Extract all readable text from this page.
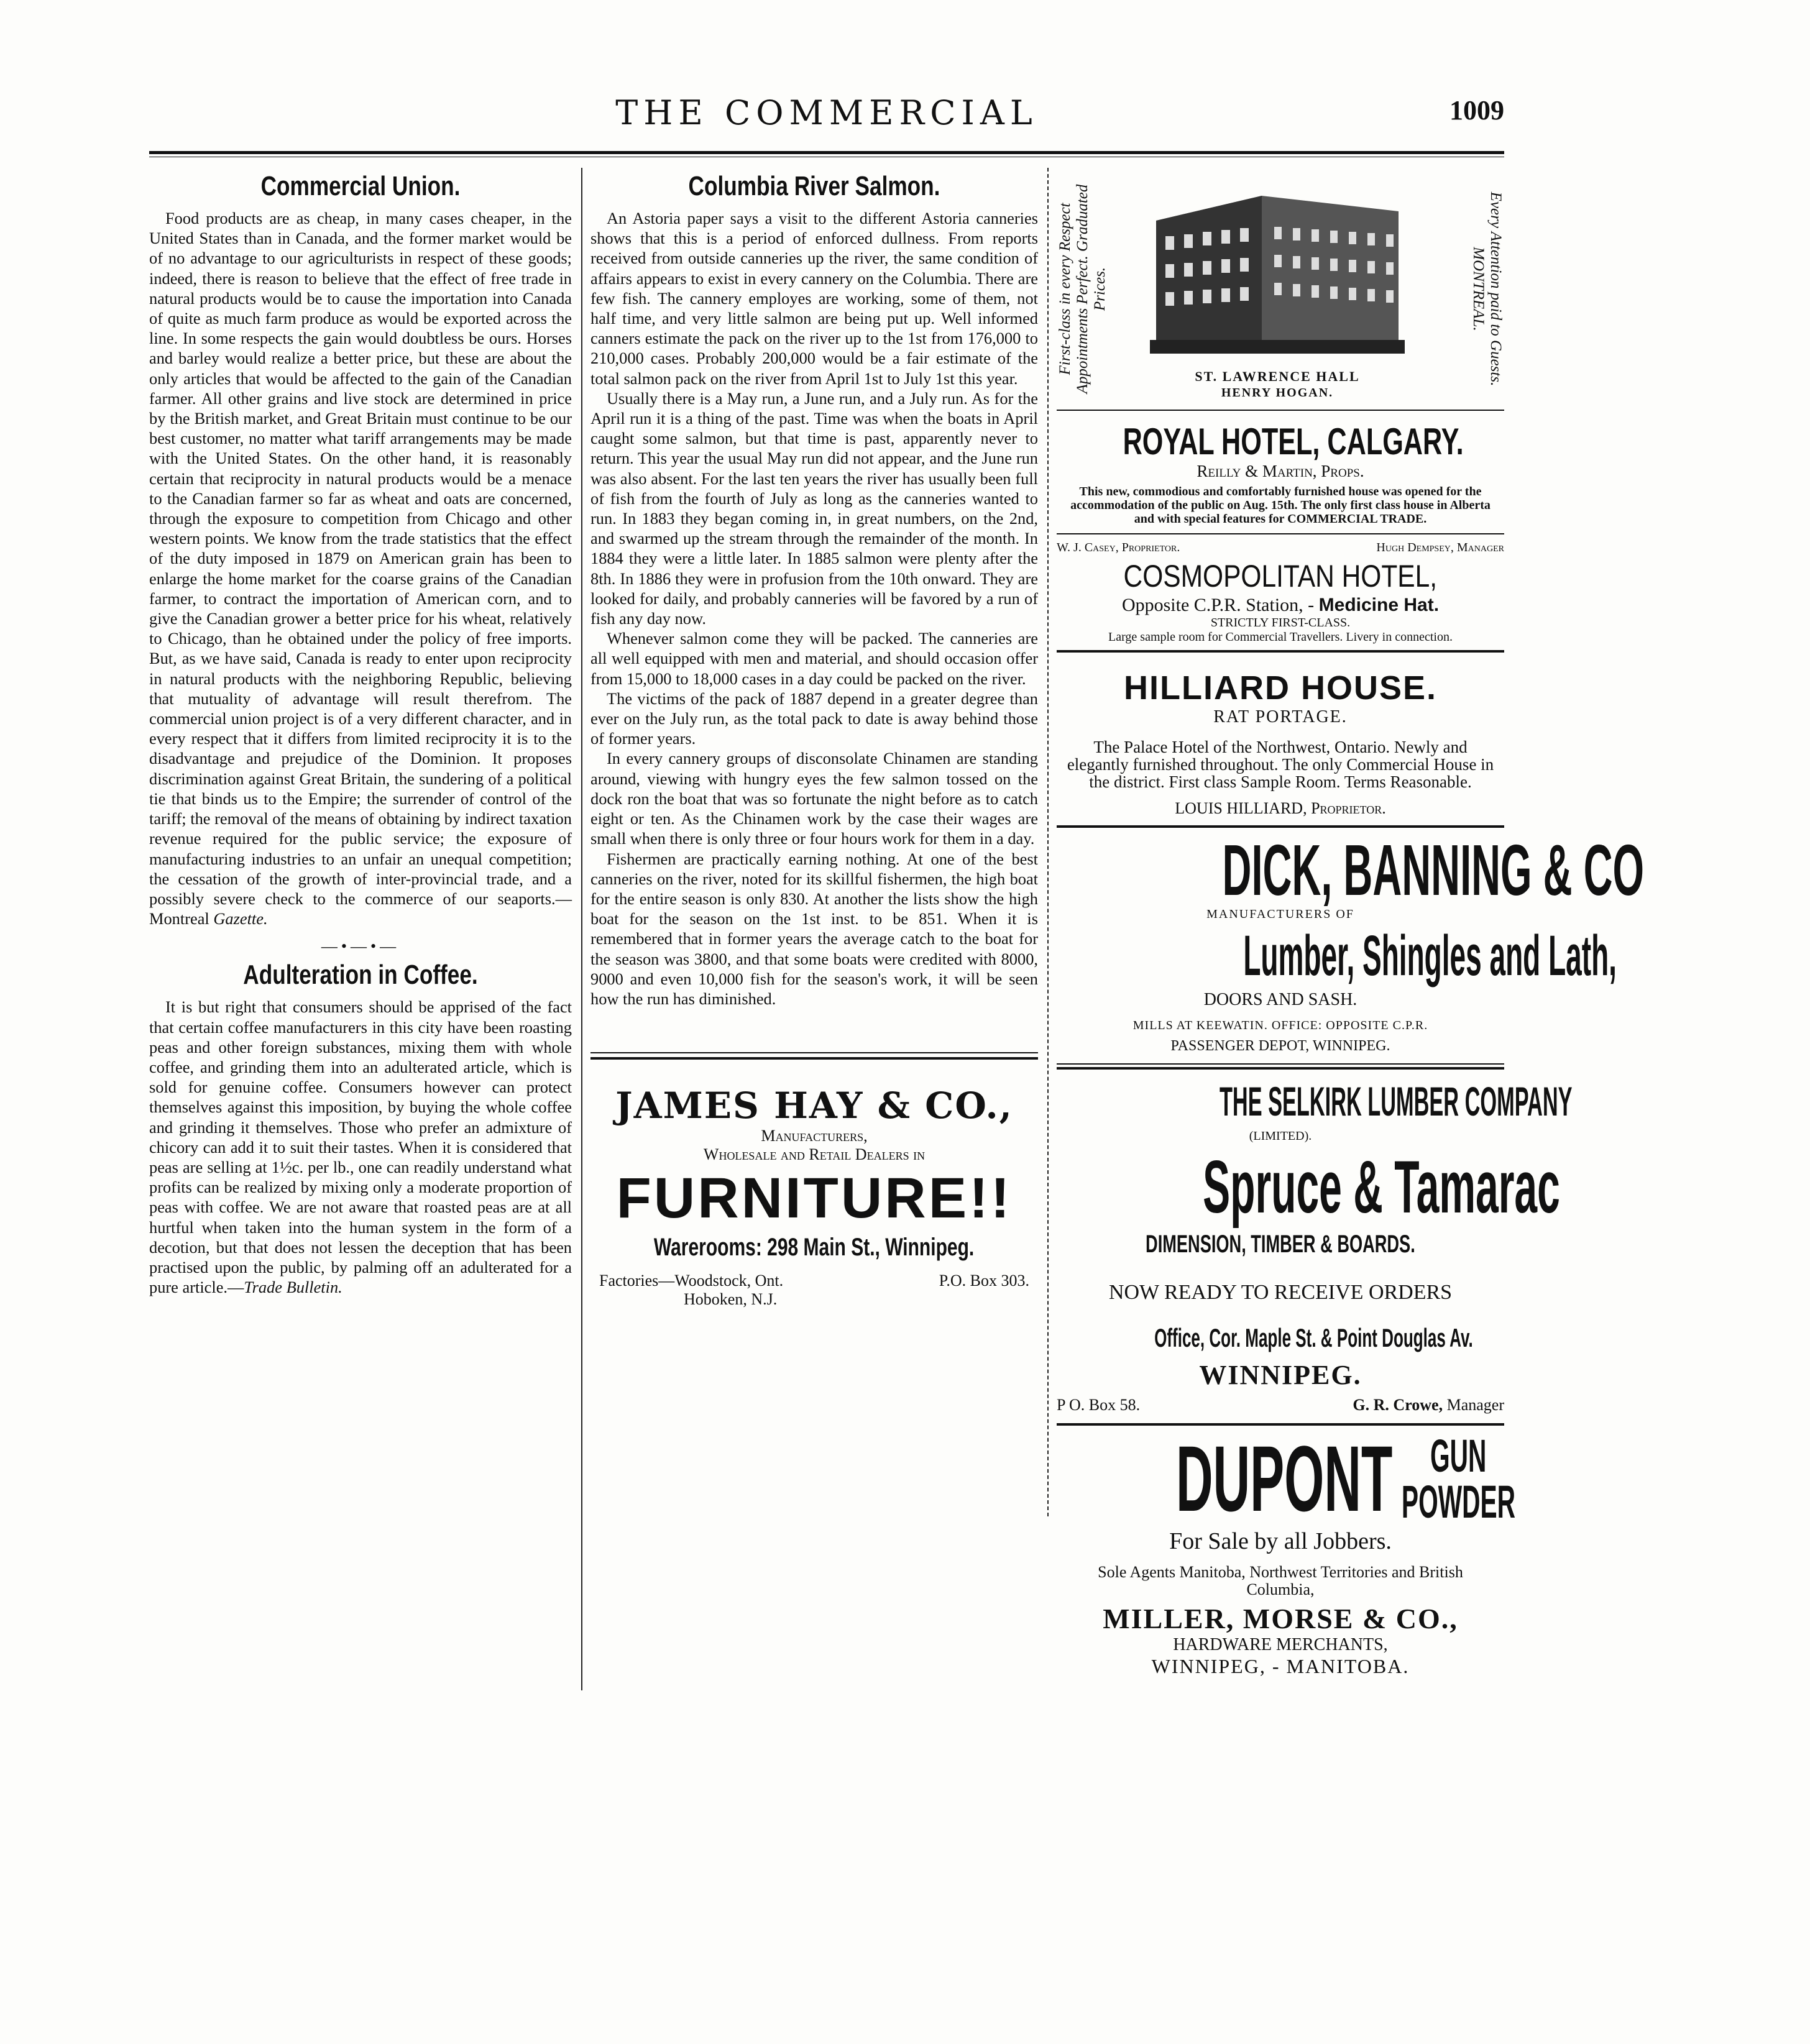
THE COMMERCIAL	1009
Commercial Union.

Food products are as cheap, in many cases cheaper, in the United States than in Canada, and the former market would be of no advantage to our agriculturists in respect of these goods; indeed, there is reason to believe that the effect of free trade in natural products would be to cause the importation into Canada of quite as much farm produce as would be exported across the line. In some respects the gain would doubtless be ours. Horses and barley would realize a better price, but these are about the only articles that would be affected to the gain of the Canadian farmer. All other grains and live stock are determined in price by the British market, and Great Britain must continue to be our best customer, no matter what tariff arrangements may be made with the United States. On the other hand, it is reasonably certain that reciprocity in natural products would be a menace to the Canadian farmer so far as wheat and oats are concerned, through the exposure to competition from Chicago and other western points. We know from the trade statistics that the effect of the duty imposed in 1879 on American grain has been to enlarge the home market for the coarse grains of the Canadian farmer, to contract the importation of American corn, and to give the Canadian grower a better price for his wheat, relatively to Chicago, than he obtained under the policy of free imports. But, as we have said, Canada is ready to enter upon reciprocity in natural products with the neighboring Republic, believing that mutuality of advantage will result therefrom. The commercial union project is of a very different character, and in every respect that it differs from limited reciprocity it is to the disadvantage and prejudice of the Dominion. It proposes discrimination against Great Britain, the sundering of a political tie that binds us to the Empire; the surrender of control of the tariff; the removal of the means of obtaining by indirect taxation revenue required for the public service; the exposure of manufacturing industries to an unfair an unequal competition; the cessation of the growth of inter-provincial trade, and a possibly severe check to the commerce of our seaports.—Montreal Gazette.

—•—•—
Adulteration in Coffee.

It is but right that consumers should be apprised of the fact that certain coffee manufacturers in this city have been roasting peas and other foreign substances, mixing them with whole coffee, and grinding them into an adulterated article, which is sold for genuine coffee. Consumers however can protect themselves against this imposition, by buying the whole coffee and grinding it themselves. Those who prefer an admixture of chicory can add it to suit their tastes. When it is considered that peas are selling at 1½c. per lb., one can readily understand what profits can be realized by mixing only a moderate proportion of peas with coffee. We are not aware that roasted peas are at all hurtful when taken into the human system in the form of a decotion, but that does not lessen the deception that has been practised upon the public, by palming off an adulterated for a pure article.—Trade Bulletin.

Columbia River Salmon.

An Astoria paper says a visit to the different Astoria canneries shows that this is a period of enforced dullness. From reports received from outside canneries up the river, the same condition of affairs appears to exist in every cannery on the Columbia. There are few fish. The cannery employes are working, some of them, not half time, and very little salmon are being put up. Well informed canners estimate the pack on the river up to the 1st from 176,000 to 210,000 cases. Probably 200,000 would be a fair estimate of the total salmon pack on the river from April 1st to July 1st this year.

Usually there is a May run, a June run, and a July run. As for the April run it is a thing of the past. Time was when the boats in April caught some salmon, but that time is past, apparently never to return. This year the usual May run did not appear, and the June run was also absent. For the last ten years the river has usually been full of fish from the fourth of July as long as the canneries wanted to run. In 1883 they began coming in, in great numbers, on the 2nd, and swarmed up the stream through the remainder of the month. In 1884 they were a little later. In 1885 salmon were plenty after the 8th. In 1886 they were in profusion from the 10th onward. They are looked for daily, and probably canneries will be favored by a run of fish any day now.

Whenever salmon come they will be packed. The canneries are all well equipped with men and material, and should occasion offer from 15,000 to 18,000 cases in a day could be packed on the river.

The victims of the pack of 1887 depend in a greater degree than ever on the July run, as the total pack to date is away behind those of former years.

In every cannery groups of disconsolate Chinamen are standing around, viewing with hungry eyes the few salmon tossed on the dock ron the boat that was so fortunate the night before as to catch eight or ten. As the Chinamen work by the case their wages are small when there is only three or four hours work for them in a day.

Fishermen are practically earning nothing. At one of the best canneries on the river, noted for its skillful fishermen, the high boat for the entire season is only 830. At another the lists show the high boat for the season on the 1st inst. to be 851. When it is remembered that in former years the average catch to the boat for the season was 3800, and that some boats were credited with 8000, 9000 and even 10,000 fish for the season's work, it will be seen how the run has diminished.

JAMES HAY & CO.,
Manufacturers,
Wholesale and Retail Dealers in
FURNITURE!!
Warerooms: 298 Main St., Winnipeg.
Factories—Woodstock, Ont.	P.O. Box 303.
Hoboken, N.J.
First-class in every Respect Appointments Perfect. Graduated Prices.
ST. LAWRENCE HALL
HENRY HOGAN.
Every Attention paid to Guests. MONTREAL.
ROYAL HOTEL, CALGARY.
Reilly & Martin, Props.
This new, commodious and comfortably furnished house was opened for the accommodation of the public on Aug. 15th. The only first class house in Alberta and with special features for COMMERCIAL TRADE.
W. J. Casey, Proprietor.	Hugh Dempsey, Manager
COSMOPOLITAN HOTEL,
Opposite C.P.R. Station, - Medicine Hat.
STRICTLY FIRST-CLASS.
Large sample room for Commercial Travellers. Livery in connection.
HILLIARD HOUSE.
RAT PORTAGE.
The Palace Hotel of the Northwest, Ontario. Newly and elegantly furnished throughout. The only Commercial House in the district. First class Sample Room. Terms Reasonable.
LOUIS HILLIARD, Proprietor.
DICK, BANNING & CO
MANUFACTURERS OF
Lumber, Shingles and Lath,
DOORS AND SASH.
MILLS AT KEEWATIN. OFFICE: OPPOSITE C.P.R.
PASSENGER DEPOT, WINNIPEG.
THE SELKIRK LUMBER COMPANY
(LIMITED).
Spruce & Tamarac
DIMENSION, TIMBER & BOARDS.
NOW READY TO RECEIVE ORDERS
Office, Cor. Maple St. & Point Douglas Av.
WINNIPEG.
P O. Box 58.	G. R. Crowe, Manager
DUPONT GUN
POWDER
For Sale by all Jobbers.
Sole Agents Manitoba, Northwest Territories and British Columbia,
MILLER, MORSE & CO.,
HARDWARE MERCHANTS,
WINNIPEG, - MANITOBA.
